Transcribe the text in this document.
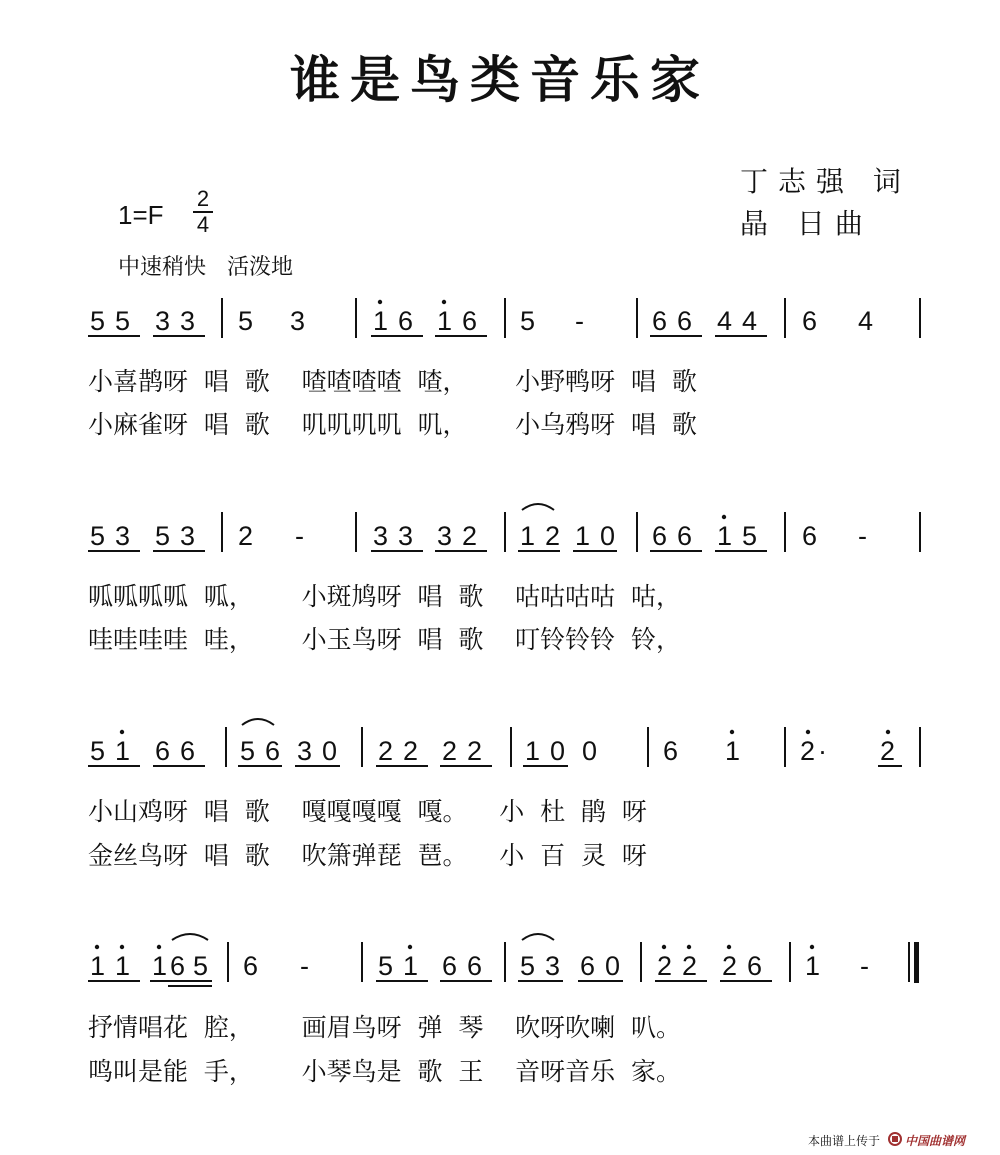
谁是鸟类音乐家
丁志强 词
晶 日曲
1=F
2
4
中速稍快   活泼地
5 5 3 3 5 3	1 6 1 6 5 -	6 6 4 4 6 4
小喜鹊呀  唱  歌    喳喳喳喳  喳，      小野鸭呀  唱  歌
小麻雀呀  唱  歌    叽叽叽叽  叽，      小乌鸦呀  唱  歌
5 3 5 3 2 -	3 3 3 2 1 2 1 0 6 6 1 5 6 -
呱呱呱呱  呱，      小斑鸠呀  唱  歌    咕咕咕咕  咕，
哇哇哇哇  哇，      小玉鸟呀  唱  歌    叮铃铃铃  铃，
5 1 6 6 5 6 3 0 2 2 2 2 1 0 0 6 1 2 · 2
小山鸡呀  唱  歌    嘎嘎嘎嘎  嘎。    小  杜  鹃  呀
金丝鸟呀  唱  歌    吹箫弹琵  琶。    小  百  灵  呀
1 1 1 6 5 6 -	5 1 6 6 5 3 6 0 2 2 2 6 1 -
抒情唱花  腔，      画眉鸟呀  弹  琴    吹呀吹喇  叭。
鸣叫是能  手，      小琴鸟是  歌  王    音呀音乐  家。
本曲谱上传于 中国曲谱网
